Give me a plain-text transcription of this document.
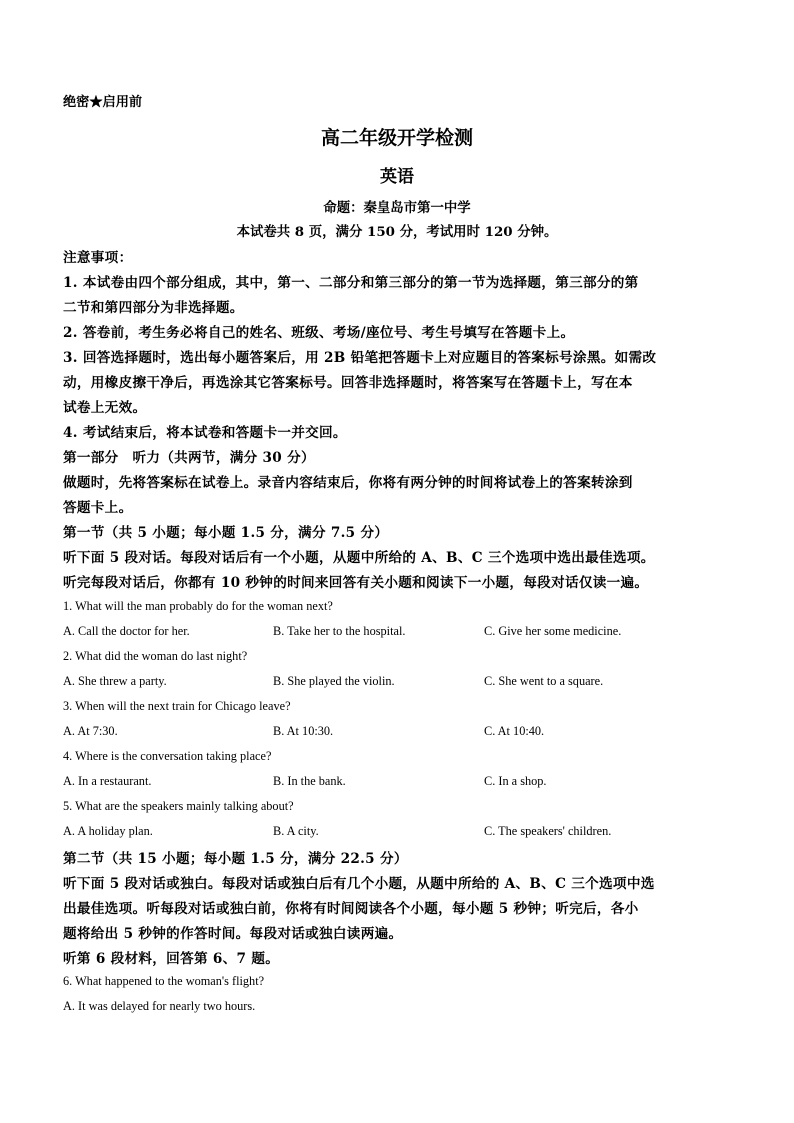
绝密★启用前
高二年级开学检测
英语
命题：秦皇岛市第一中学
本试卷共 8 页，满分 150 分，考试用时 120 分钟。
注意事项：
1. 本试卷由四个部分组成，其中，第一、二部分和第三部分的第一节为选择题，第三部分的第
二节和第四部分为非选择题。
2. 答卷前，考生务必将自己的姓名、班级、考场/座位号、考生号填写在答题卡上。
3. 回答选择题时，选出每小题答案后，用 2B 铅笔把答题卡上对应题目的答案标号涂黑。如需改
动，用橡皮擦干净后，再选涂其它答案标号。回答非选择题时，将答案写在答题卡上，写在本
试卷上无效。
4. 考试结束后，将本试卷和答题卡一并交回。
第一部分　听力（共两节，满分 30 分）
做题时，先将答案标在试卷上。录音内容结束后，你将有两分钟的时间将试卷上的答案转涂到
答题卡上。
第一节（共 5 小题；每小题 1.5 分，满分 7.5 分）
听下面 5 段对话。每段对话后有一个小题，从题中所给的 A、B、C 三个选项中选出最佳选项。
听完每段对话后，你都有 10 秒钟的时间来回答有关小题和阅读下一小题，每段对话仅读一遍。
1. What will the man probably do for the woman next?
A. Call the doctor for her.	B. Take her to the hospital.	C. Give her some medicine.
2. What did the woman do last night?
A. She threw a party.	B. She played the violin.	C. She went to a square.
3. When will the next train for Chicago leave?
A. At 7:30.	B. At 10:30.	C. At 10:40.
4. Where is the conversation taking place?
A. In a restaurant.	B. In the bank.	C. In a shop.
5. What are the speakers mainly talking about?
A. A holiday plan.	B. A city.	C. The speakers' children.
第二节（共 15 小题；每小题 1.5 分，满分 22.5 分）
听下面 5 段对话或独白。每段对话或独白后有几个小题，从题中所给的 A、B、C 三个选项中选
出最佳选项。听每段对话或独白前，你将有时间阅读各个小题，每小题 5 秒钟；听完后，各小
题将给出 5 秒钟的作答时间。每段对话或独白读两遍。
听第 6 段材料，回答第 6、7 题。
6. What happened to the woman's flight?
A. It was delayed for nearly two hours.
